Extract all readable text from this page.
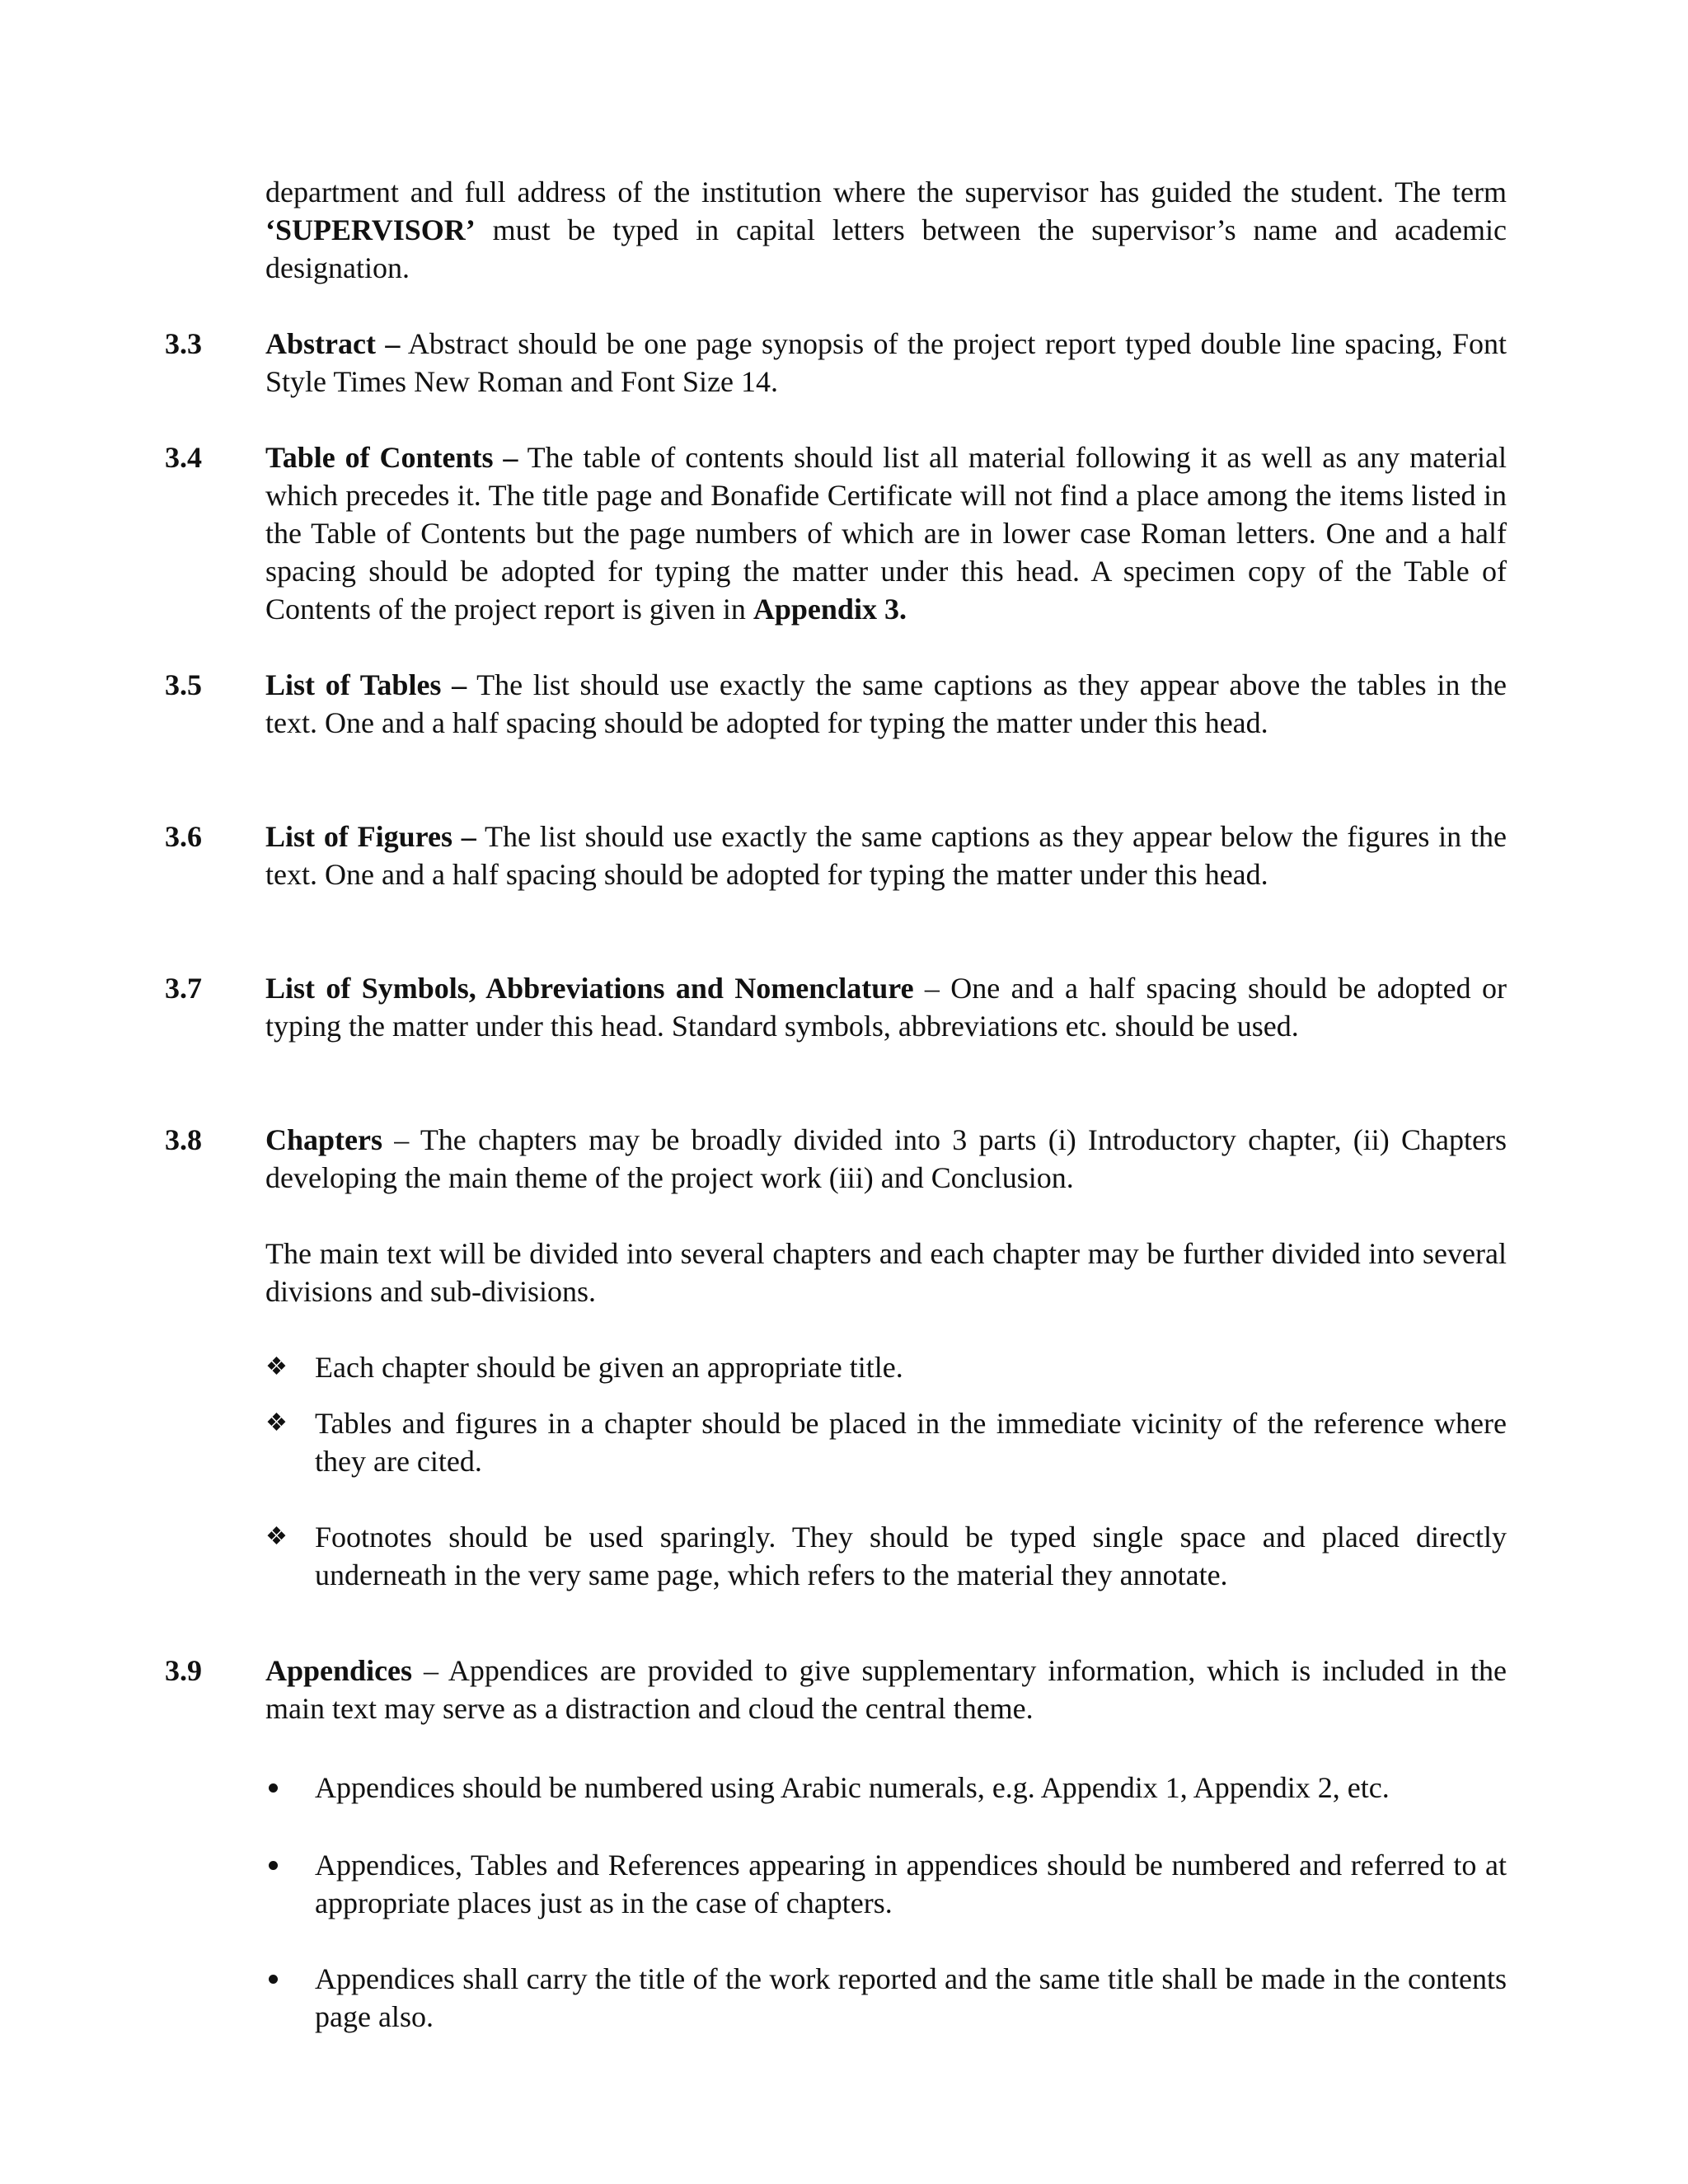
department and full address of the institution where the supervisor has guided the student. The term ‘SUPERVISOR’ must be typed in capital letters between the supervisor’s name and academic designation.
3.3 Abstract – Abstract should be one page synopsis of the project report typed double line spacing, Font Style Times New Roman and Font Size 14.
3.4 Table of Contents – The table of contents should list all material following it as well as any material which precedes it. The title page and Bonafide Certificate will not find a place among the items listed in the Table of Contents but the page numbers of which are in lower case Roman letters. One and a half spacing should be adopted for typing the matter under this head. A specimen copy of the Table of Contents of the project report is given in Appendix 3.
3.5 List of Tables – The list should use exactly the same captions as they appear above the tables in the text. One and a half spacing should be adopted for typing the matter under this head.
3.6 List of Figures – The list should use exactly the same captions as they appear below the figures in the text. One and a half spacing should be adopted for typing the matter under this head.
3.7 List of Symbols, Abbreviations and Nomenclature – One and a half spacing should be adopted or typing the matter under this head. Standard symbols, abbreviations etc. should be used.
3.8 Chapters – The chapters may be broadly divided into 3 parts (i) Introductory chapter, (ii) Chapters developing the main theme of the project work (iii) and Conclusion.
The main text will be divided into several chapters and each chapter may be further divided into several divisions and sub-divisions.
❖ Each chapter should be given an appropriate title.
❖ Tables and figures in a chapter should be placed in the immediate vicinity of the reference where they are cited.
❖ Footnotes should be used sparingly. They should be typed single space and placed directly underneath in the very same page, which refers to the material they annotate.
3.9 Appendices – Appendices are provided to give supplementary information, which is included in the main text may serve as a distraction and cloud the central theme.
Appendices should be numbered using Arabic numerals, e.g. Appendix 1, Appendix 2, etc.
Appendices, Tables and References appearing in appendices should be numbered and referred to at appropriate places just as in the case of chapters.
Appendices shall carry the title of the work reported and the same title shall be made in the contents page also.
